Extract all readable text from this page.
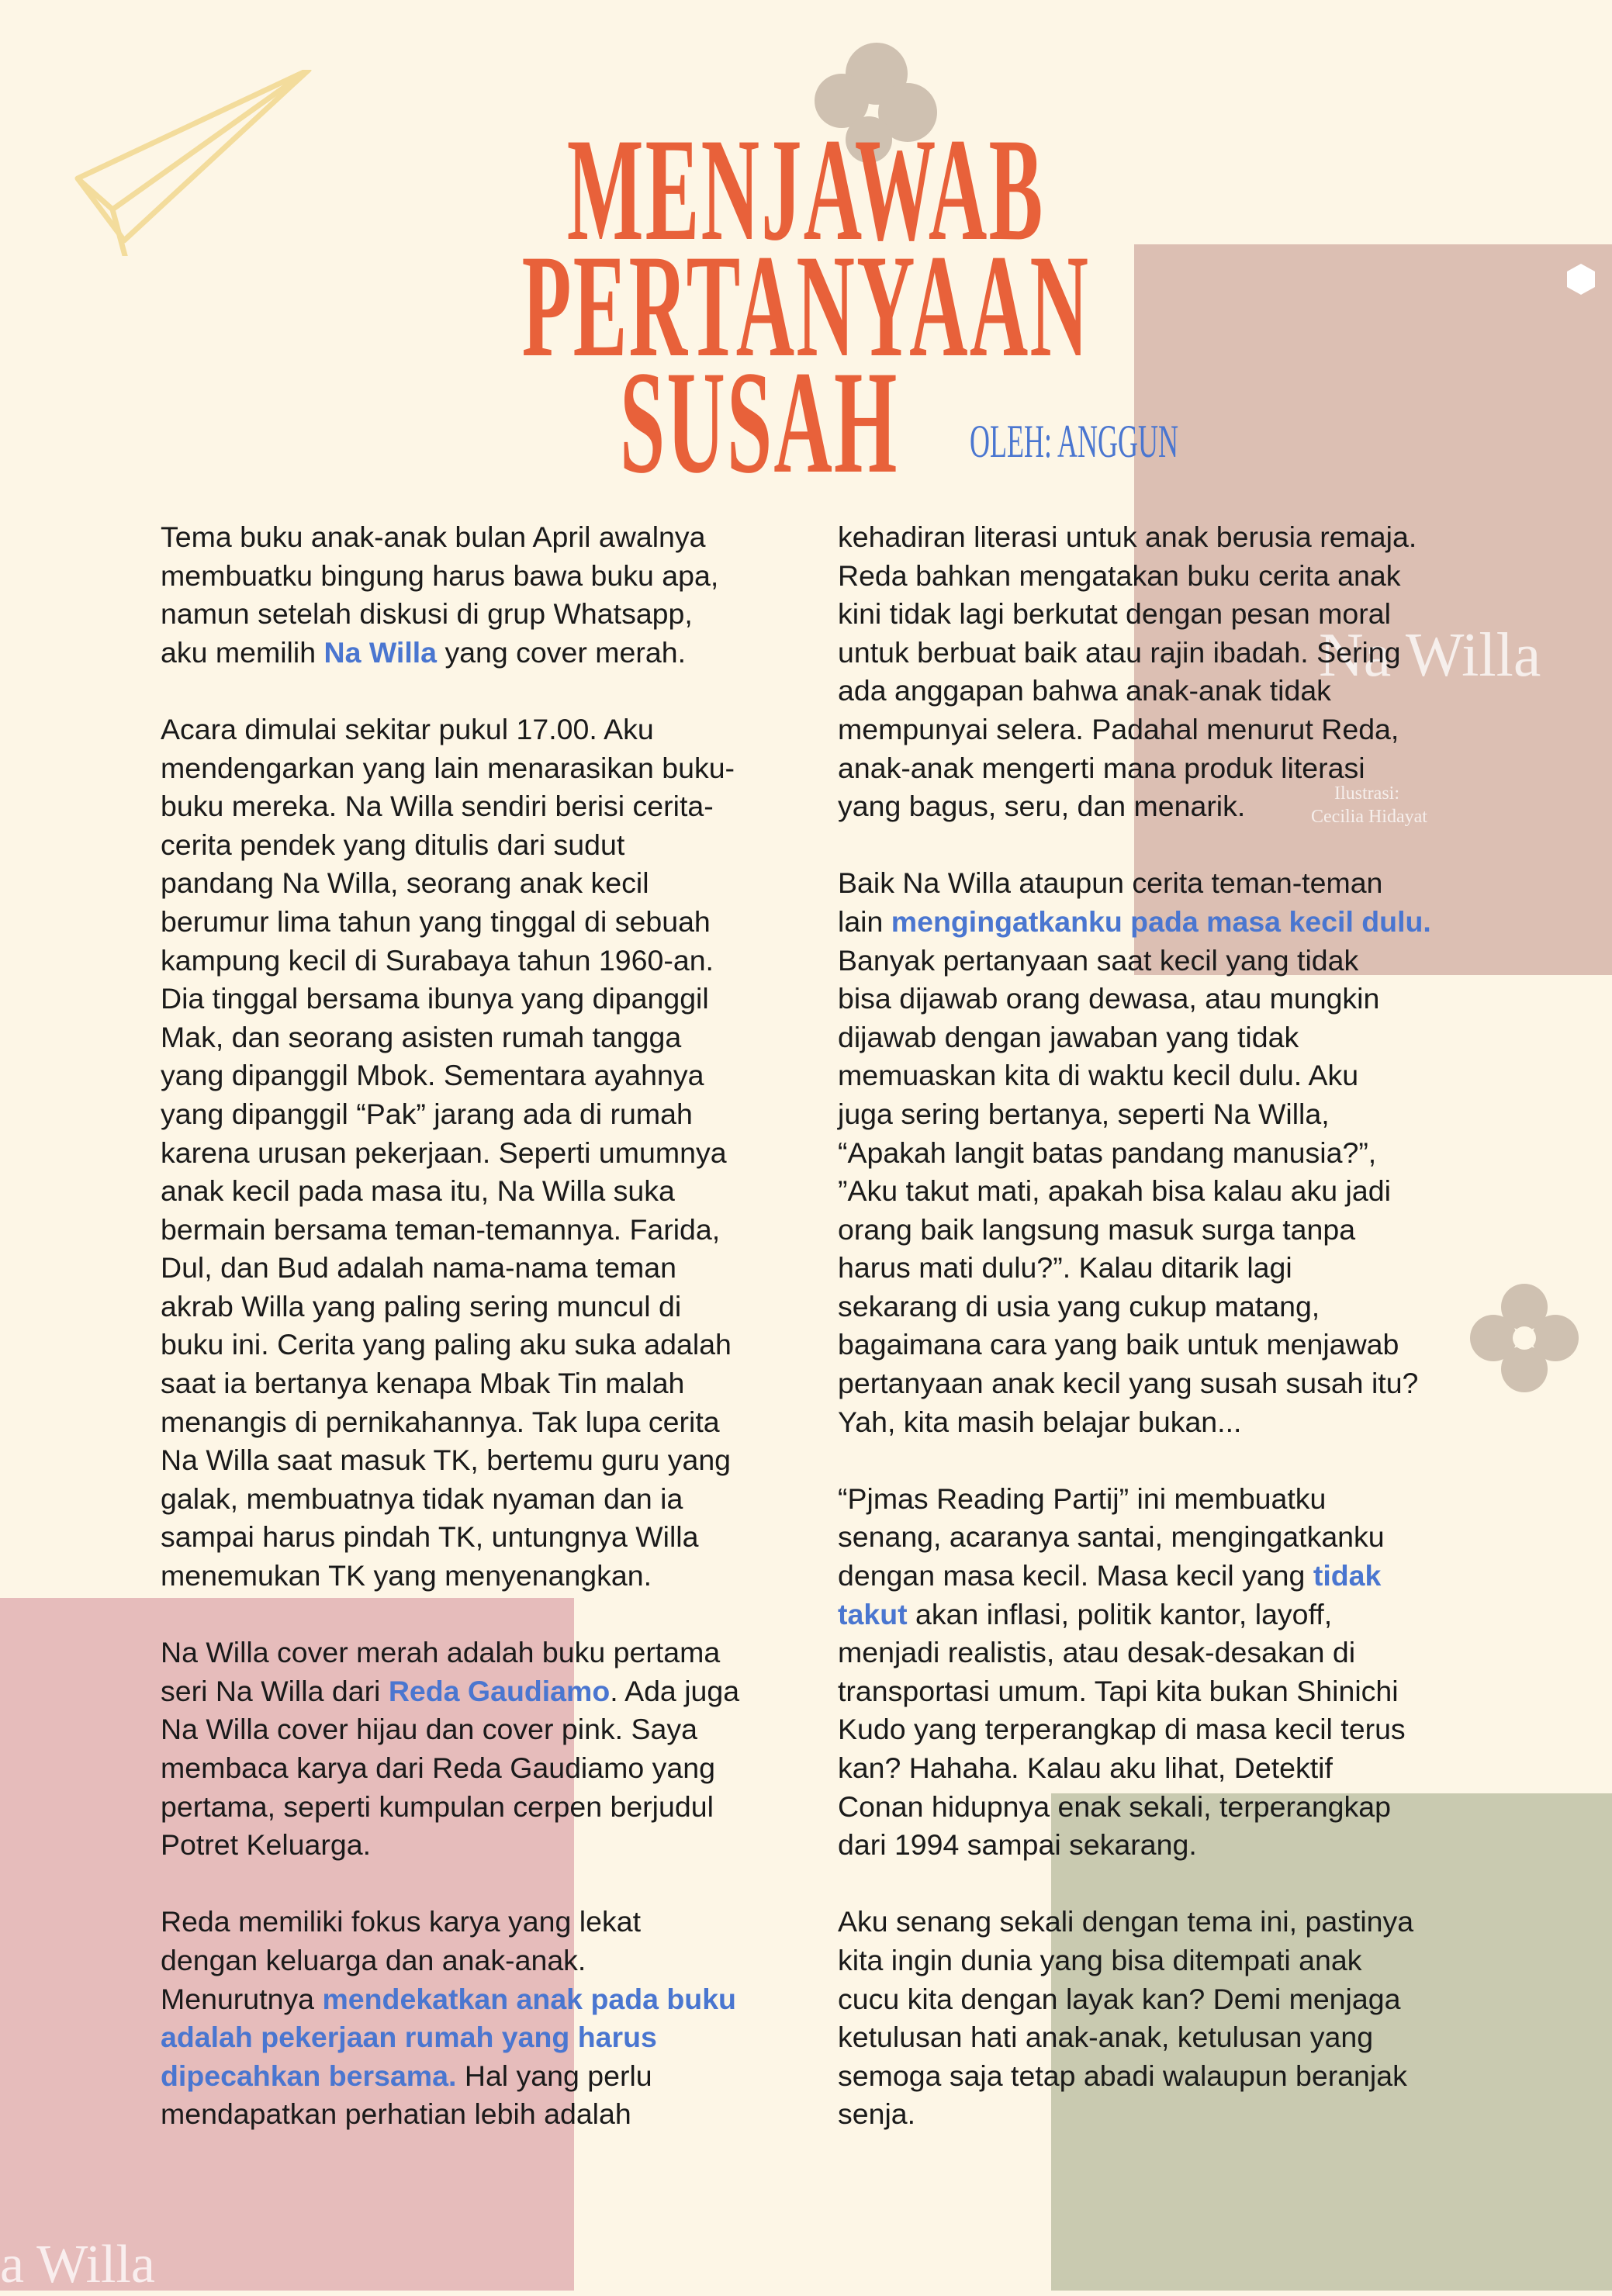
Na Willa
Ilustrasi:
Cecilia Hidayat
a Willa
MENJAWAB
PERTANYAAN
SUSAH	OLEH: ANGGUN
Tema buku anak-anak bulan April awalnya
membuatku bingung harus bawa buku apa,
namun setelah diskusi di grup Whatsapp,
aku memilih Na Willa yang cover merah.
Acara dimulai sekitar pukul 17.00. Aku
mendengarkan yang lain menarasikan buku-
buku mereka. Na Willa sendiri berisi cerita-
cerita pendek yang ditulis dari sudut
pandang Na Willa, seorang anak kecil
berumur lima tahun yang tinggal di sebuah
kampung kecil di Surabaya tahun 1960-an.
Dia tinggal bersama ibunya yang dipanggil
Mak, dan seorang asisten rumah tangga
yang dipanggil Mbok. Sementara ayahnya
yang dipanggil “Pak” jarang ada di rumah
karena urusan pekerjaan. Seperti umumnya
anak kecil pada masa itu, Na Willa suka
bermain bersama teman-temannya. Farida,
Dul, dan Bud adalah nama-nama teman
akrab Willa yang paling sering muncul di
buku ini. Cerita yang paling aku suka adalah
saat ia bertanya kenapa Mbak Tin malah
menangis di pernikahannya. Tak lupa cerita
Na Willa saat masuk TK, bertemu guru yang
galak, membuatnya tidak nyaman dan ia
sampai harus pindah TK, untungnya Willa
menemukan TK yang menyenangkan.
Na Willa cover merah adalah buku pertama
seri Na Willa dari Reda Gaudiamo. Ada juga
Na Willa cover hijau dan cover pink. Saya
membaca karya dari Reda Gaudiamo yang
pertama, seperti kumpulan cerpen berjudul
Potret Keluarga.
Reda memiliki fokus karya yang lekat
dengan keluarga dan anak-anak.
Menurutnya mendekatkan anak pada buku
adalah pekerjaan rumah yang harus
dipecahkan bersama. Hal yang perlu
mendapatkan perhatian lebih adalah
kehadiran literasi untuk anak berusia remaja.
Reda bahkan mengatakan buku cerita anak
kini tidak lagi berkutat dengan pesan moral
untuk berbuat baik atau rajin ibadah. Sering
ada anggapan bahwa anak-anak tidak
mempunyai selera. Padahal menurut Reda,
anak-anak mengerti mana produk literasi
yang bagus, seru, dan menarik.
Baik Na Willa ataupun cerita teman-teman
lain mengingatkanku pada masa kecil dulu.
Banyak pertanyaan saat kecil yang tidak
bisa dijawab orang dewasa, atau mungkin
dijawab dengan jawaban yang tidak
memuaskan kita di waktu kecil dulu. Aku
juga sering bertanya, seperti Na Willa,
“Apakah langit batas pandang manusia?”,
”Aku takut mati, apakah bisa kalau aku jadi
orang baik langsung masuk surga tanpa
harus mati dulu?”. Kalau ditarik lagi
sekarang di usia yang cukup matang,
bagaimana cara yang baik untuk menjawab
pertanyaan anak kecil yang susah susah itu?
Yah, kita masih belajar bukan...
“Pjmas Reading Partij” ini membuatku
senang, acaranya santai, mengingatkanku
dengan masa kecil. Masa kecil yang tidak
takut akan inflasi, politik kantor, layoff,
menjadi realistis, atau desak-desakan di
transportasi umum. Tapi kita bukan Shinichi
Kudo yang terperangkap di masa kecil terus
kan? Hahaha. Kalau aku lihat, Detektif
Conan hidupnya enak sekali, terperangkap
dari 1994 sampai sekarang.
Aku senang sekali dengan tema ini, pastinya
kita ingin dunia yang bisa ditempati anak
cucu kita dengan layak kan? Demi menjaga
ketulusan hati anak-anak, ketulusan yang
semoga saja tetap abadi walaupun beranjak
senja.
